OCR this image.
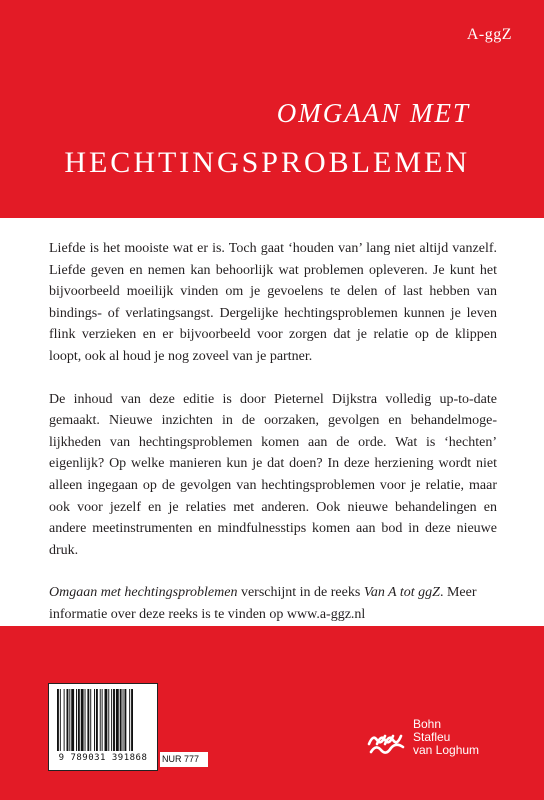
A-ggZ
OMGAAN MET
HECHTINGSPROBLEMEN

Liefde is het mooiste wat er is. Toch gaat ‘houden van’ lang niet altijd vanzelf. Liefde geven en nemen kan behoorlijk wat problemen opleveren. Je kunt het bijvoorbeeld moeilijk vinden om je gevoelens te delen of last hebben van bindings- of verlatingsangst. Dergelijke hechtingsproblemen kunnen je leven flink verzieken en er bijvoorbeeld voor zorgen dat je relatie op de klippen loopt, ook al houd je nog zoveel van je partner.

De inhoud van deze editie is door Pieternel Dijkstra volledig up-to-date gemaakt. Nieuwe inzichten in de oorzaken, gevolgen en behandelmogelijkheden van hechtingsproblemen komen aan de orde. Wat is ‘hechten’ eigenlijk? Op welke manieren kun je dat doen? In deze herziening wordt niet alleen ingegaan op de gevolgen van hechtingsproblemen voor je relatie, maar ook voor jezelf en je relaties met anderen. Ook nieuwe behandelingen en andere meetinstrumenten en mindfulnesstips komen aan bod in deze nieuwe druk.

Omgaan met hechtingsproblemen verschijnt in de reeks Van A tot ggZ. Meer informatie over deze reeks is te vinden op www.a-ggz.nl

9 789031 391868	NUR 777
Bohn
Stafleu
van Loghum
